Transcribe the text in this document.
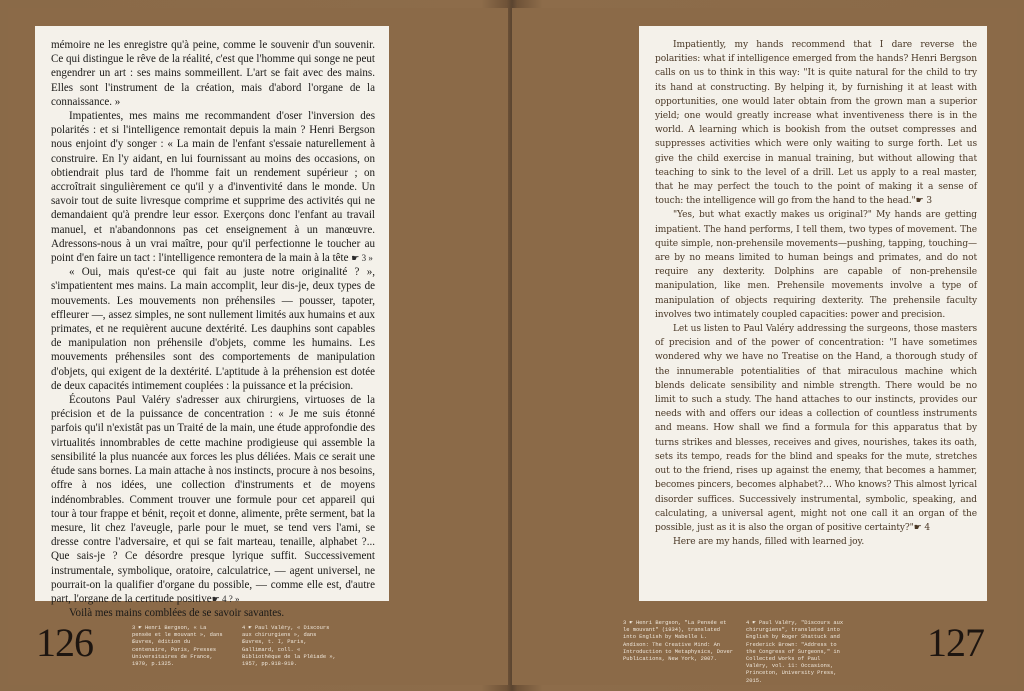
mémoire ne les enregistre qu'à peine, comme le souvenir d'un souvenir. Ce qui distingue le rêve de la réalité, c'est que l'homme qui songe ne peut engendrer un art : ses mains sommeillent. L'art se fait avec des mains. Elles sont l'instrument de la création, mais d'abord l'organe de la connaissance. »

Impatientes, mes mains me recommandent d'oser l'inversion des polarités : et si l'intelligence remontait depuis la main ? Henri Bergson nous enjoint d'y songer : « La main de l'enfant s'essaie naturellement à construire. En l'y aidant, en lui fournissant au moins des occasions, on obtiendrait plus tard de l'homme fait un rendement supérieur ; on accroîtrait singulièrement ce qu'il y a d'inventivité dans le monde. Un savoir tout de suite livresque comprime et supprime des activités qui ne demandaient qu'à prendre leur essor. Exerçons donc l'enfant au travail manuel, et n'abandonnons pas cet enseignement à un manœuvre. Adressons-nous à un vrai maître, pour qu'il perfectionne le toucher au point d'en faire un tact : l'intelligence remontera de la main à la tête ☛ 3 »

« Oui, mais qu'est-ce qui fait au juste notre originalité ? », s'impatientent mes mains. La main accomplit, leur dis-je, deux types de mouvements. Les mouvements non préhensiles — pousser, tapoter, effleurer —, assez simples, ne sont nullement limités aux humains et aux primates, et ne requièrent aucune dextérité. Les dauphins sont capables de manipulation non préhensile d'objets, comme les humains. Les mouvements préhensiles sont des comportements de manipulation d'objets, qui exigent de la dextérité. L'aptitude à la préhension est dotée de deux capacités intimement couplées : la puissance et la précision.

Écoutons Paul Valéry s'adresser aux chirurgiens, virtuoses de la précision et de la puissance de concentration : « Je me suis étonné parfois qu'il n'existât pas un Traité de la main, une étude approfondie des virtualités innombrables de cette machine prodigieuse qui assemble la sensibilité la plus nuancée aux forces les plus déliées. Mais ce serait une étude sans bornes. La main attache à nos instincts, procure à nos besoins, offre à nos idées, une collection d'instruments et de moyens indénombrables. Comment trouver une formule pour cet appareil qui tour à tour frappe et bénit, reçoit et donne, alimente, prête serment, bat la mesure, lit chez l'aveugle, parle pour le muet, se tend vers l'ami, se dresse contre l'adversaire, et qui se fait marteau, tenaille, alphabet ?... Que sais-je ? Ce désordre presque lyrique suffit. Successivement instrumentale, symbolique, oratoire, calculatrice, — agent universel, ne pourrait-on la qualifier d'organe du possible, — comme elle est, d'autre part, l'organe de la certitude positive☛ 4 ? »

Voilà mes mains comblées de se savoir savantes.

126	3 ☛ Henri Bergson, « La pensée et le mouvant », dans Œuvres, édition du centenaire, Paris, Presses Universitaires de France, 1970, p.1325.
4 ☛ Paul Valéry, « Discours aux chirurgiens », dans Œuvres, t. I, Paris, Gallimard, coll. « Bibliothèque de la Pléiade », 1957, pp.918-919.

Impatiently, my hands recommend that I dare reverse the polarities: what if intelligence emerged from the hands? Henri Bergson calls on us to think in this way: "It is quite natural for the child to try its hand at constructing. By helping it, by furnishing it at least with opportunities, one would later obtain from the grown man a superior yield; one would greatly increase what inventiveness there is in the world. A learning which is bookish from the outset compresses and suppresses activities which were only waiting to surge forth. Let us give the child exercise in manual training, but without allowing that teaching to sink to the level of a drill. Let us apply to a real master, that he may perfect the touch to the point of making it a sense of touch: the intelligence will go from the hand to the head."☛ 3

"Yes, but what exactly makes us original?" My hands are getting impatient. The hand performs, I tell them, two types of movement. The quite simple, non-prehensile movements—pushing, tapping, touching—are by no means limited to human beings and primates, and do not require any dexterity. Dolphins are capable of non-prehensile manipulation, like men. Prehensile movements involve a type of manipulation of objects requiring dexterity. The prehensile faculty involves two intimately coupled capacities: power and precision.

Let us listen to Paul Valéry addressing the surgeons, those masters of precision and of the power of concentration: "I have sometimes wondered why we have no Treatise on the Hand, a thorough study of the innumerable potentialities of that miraculous machine which blends delicate sensibility and nimble strength. There would be no limit to such a study. The hand attaches to our instincts, provides our needs with and offers our ideas a collection of countless instruments and means. How shall we find a formula for this apparatus that by turns strikes and blesses, receives and gives, nourishes, takes its oath, sets its tempo, reads for the blind and speaks for the mute, stretches out to the friend, rises up against the enemy, that becomes a hammer, becomes pincers, becomes alphabet?… Who knows? This almost lyrical disorder suffices. Successively instrumental, symbolic, speaking, and calculating, a universal agent, might not one call it an organ of the possible, just as it is also the organ of positive certainty?"☛ 4

Here are my hands, filled with learned joy.

3 ☛ Henri Bergson, "La Pensée et le mouvant" (1934), translated into English by Mabelle L. Andison: The Creative Mind: An Introduction to Metaphysics, Dover Publications, New York, 2007.
4 ☛ Paul Valéry, "Discours aux chirurgiens", translated into English by Roger Shattuck and Frederick Brown: "Address to the Congress of Surgeons," in Collected Works of Paul Valéry, vol. 11: Occasions, Princeton, University Press, 2015.
127
